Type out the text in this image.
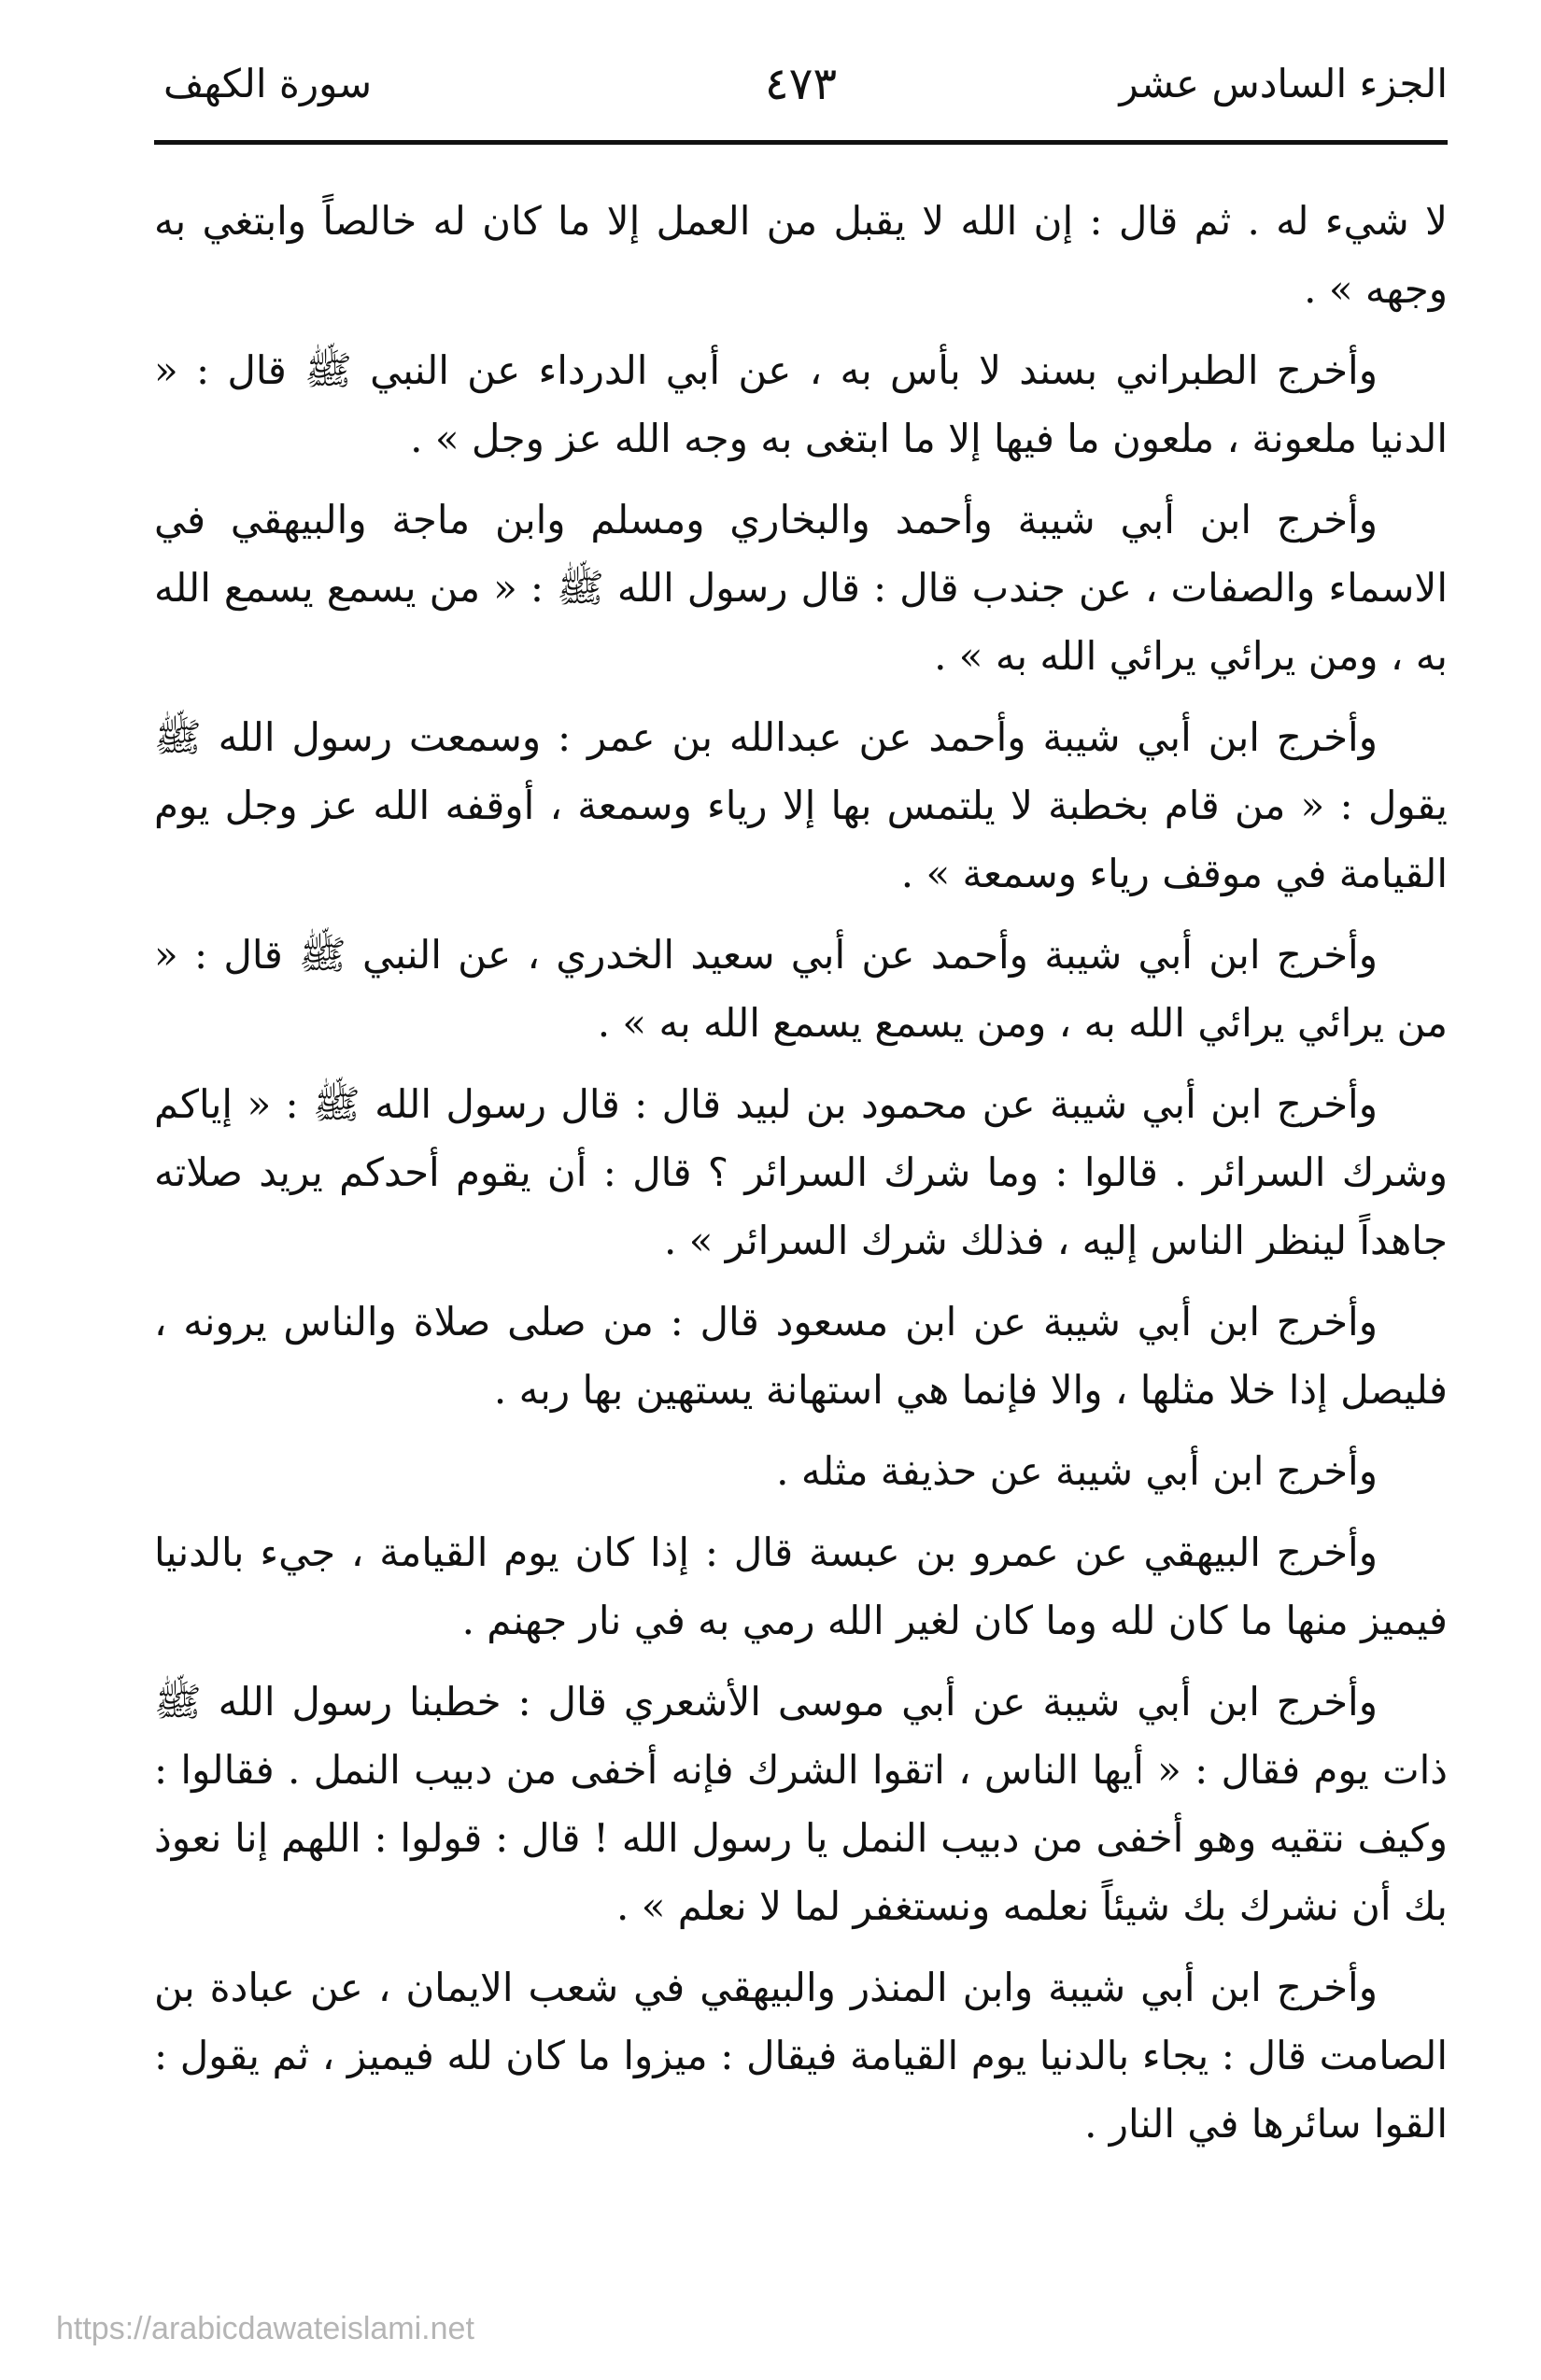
الجزء السادس عشر
٤٧٣
سورة الكهف

لا شيء له . ثم قال : إن الله لا يقبل من العمل إلا ما كان له خالصاً وابتغي به وجهه » .

وأخرج الطبراني بسند لا بأس به ، عن أبي الدرداء عن النبي ﷺ قال : « الدنيا ملعونة ، ملعون ما فيها إلا ما ابتغى به وجه الله عز وجل » .

وأخرج ابن أبي شيبة وأحمد والبخاري ومسلم وابن ماجة والبيهقي في الاسماء والصفات ، عن جندب قال : قال رسول الله ﷺ : « من يسمع يسمع الله به ، ومن يرائي يرائي الله به » .

وأخرج ابن أبي شيبة وأحمد عن عبدالله بن عمر : وسمعت رسول الله ﷺ يقول : « من قام بخطبة لا يلتمس بها إلا رياء وسمعة ، أوقفه الله عز وجل يوم القيامة في موقف رياء وسمعة » .

وأخرج ابن أبي شيبة وأحمد عن أبي سعيد الخدري ، عن النبي ﷺ قال : « من يرائي يرائي الله به ، ومن يسمع يسمع الله به » .

وأخرج ابن أبي شيبة عن محمود بن لبيد قال : قال رسول الله ﷺ : « إياكم وشرك السرائر . قالوا : وما شرك السرائر ؟ قال : أن يقوم أحدكم يريد صلاته جاهداً لينظر الناس إليه ، فذلك شرك السرائر » .

وأخرج ابن أبي شيبة عن ابن مسعود قال : من صلى صلاة والناس يرونه ، فليصل إذا خلا مثلها ، والا فإنما هي استهانة يستهين بها ربه .

وأخرج ابن أبي شيبة عن حذيفة مثله .

وأخرج البيهقي عن عمرو بن عبسة قال : إذا كان يوم القيامة ، جيء بالدنيا فيميز منها ما كان لله وما كان لغير الله رمي به في نار جهنم .

وأخرج ابن أبي شيبة عن أبي موسى الأشعري قال : خطبنا رسول الله ﷺ ذات يوم فقال : « أيها الناس ، اتقوا الشرك فإنه أخفى من دبيب النمل . فقالوا : وكيف نتقيه وهو أخفى من دبيب النمل يا رسول الله ! قال : قولوا : اللهم إنا نعوذ بك أن نشرك بك شيئاً نعلمه ونستغفر لما لا نعلم » .

وأخرج ابن أبي شيبة وابن المنذر والبيهقي في شعب الايمان ، عن عبادة بن الصامت قال : يجاء بالدنيا يوم القيامة فيقال : ميزوا ما كان لله فيميز ، ثم يقول : القوا سائرها في النار .

https://arabicdawateislami.net
